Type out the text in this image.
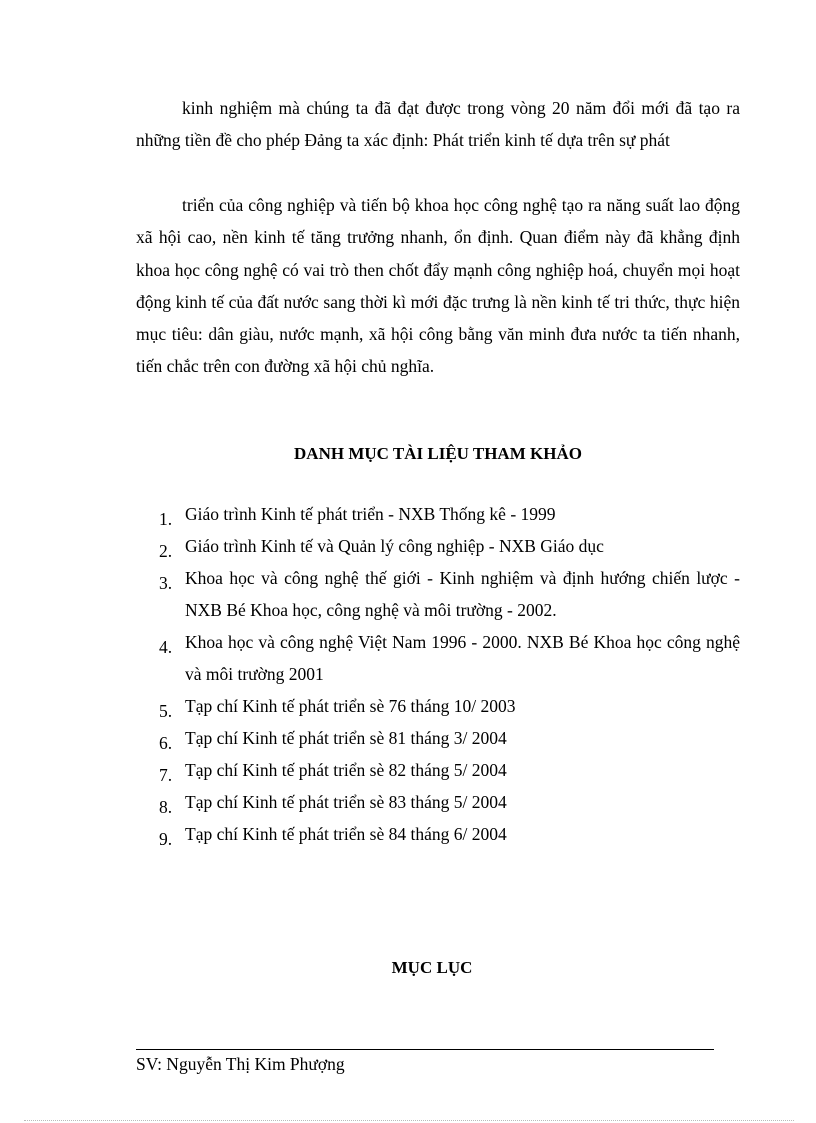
kinh nghiệm mà chúng ta đã đạt được trong vòng 20 năm đổi mới đã tạo ra những tiền đề cho phép Đảng ta xác định: Phát triển kinh tế dựa trên sự phát

triển của công nghiệp và tiến bộ khoa học công nghệ tạo ra năng suất lao động xã hội cao, nền kinh tế tăng trưởng nhanh, ổn định. Quan điểm này đã khẳng định khoa học công nghệ có vai trò then chốt đẩy mạnh công nghiệp hoá, chuyển mọi hoạt động kinh tế của đất nước sang thời kì mới đặc trưng là nền kinh tế tri thức, thực hiện mục tiêu: dân giàu, nước mạnh, xã hội công bằng văn minh đưa nước ta tiến nhanh, tiến chắc trên con đường xã hội chủ nghĩa.

DANH MỤC TÀI LIỆU THAM KHẢO
1. Giáo trình Kinh tế phát triển - NXB Thống kê - 1999
2. Giáo trình Kinh tế và Quản lý công nghiệp - NXB Giáo dục
3. Khoa học và công nghệ thế giới - Kinh nghiệm và định hướng chiến lược - NXB Bé Khoa học, công nghệ và môi trường - 2002.
4. Khoa học và công nghệ Việt Nam 1996 - 2000. NXB Bé Khoa học công nghệ và môi trường 2001
5. Tạp chí Kinh tế phát triển sè 76 tháng 10/ 2003
6. Tạp chí Kinh tế phát triển sè 81 tháng 3/ 2004
7. Tạp chí Kinh tế phát triển sè 82 tháng 5/ 2004
8. Tạp chí Kinh tế phát triển sè 83 tháng 5/ 2004
9. Tạp chí Kinh tế phát triển sè 84 tháng 6/ 2004
MỤC LỤC
SV: Nguyễn Thị Kim Phượng
